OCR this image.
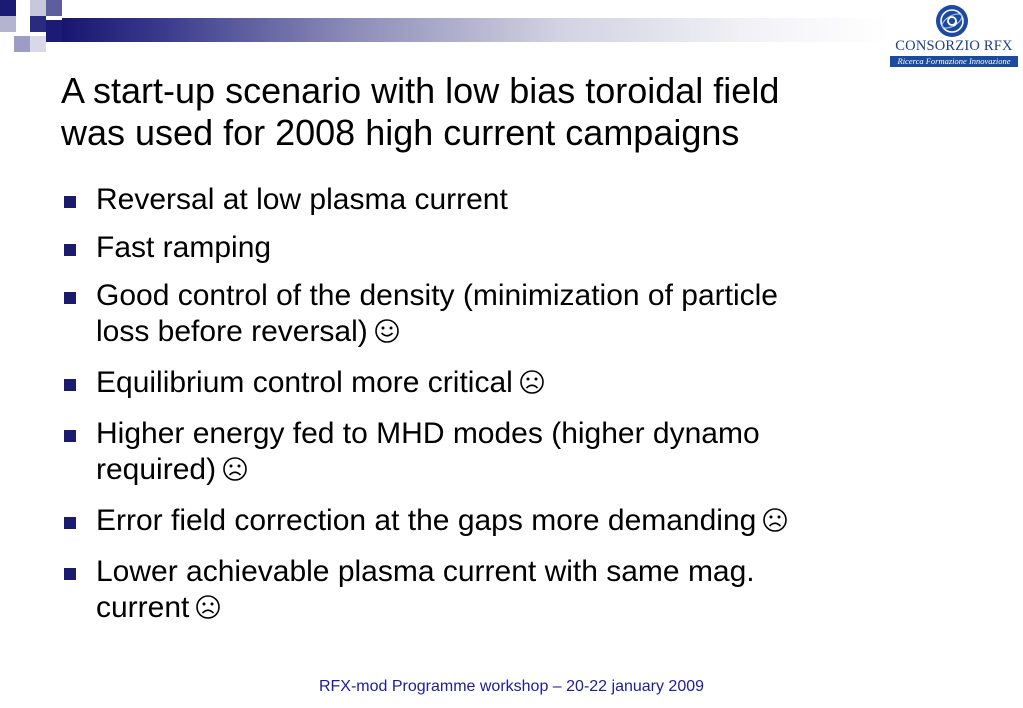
CONSORZIO RFX
Ricerca Formazione Innovazione
A start-up scenario with low bias toroidal field
was used for 2008 high current campaigns
Reversal at low plasma current
Fast ramping
Good control of the density (minimization of particle
loss before reversal)
Equilibrium control more critical
Higher energy fed to MHD modes (higher dynamo
required)
Error field correction at the gaps more demanding
Lower achievable plasma current with same mag.
current
RFX-mod Programme workshop – 20-22 january 2009
